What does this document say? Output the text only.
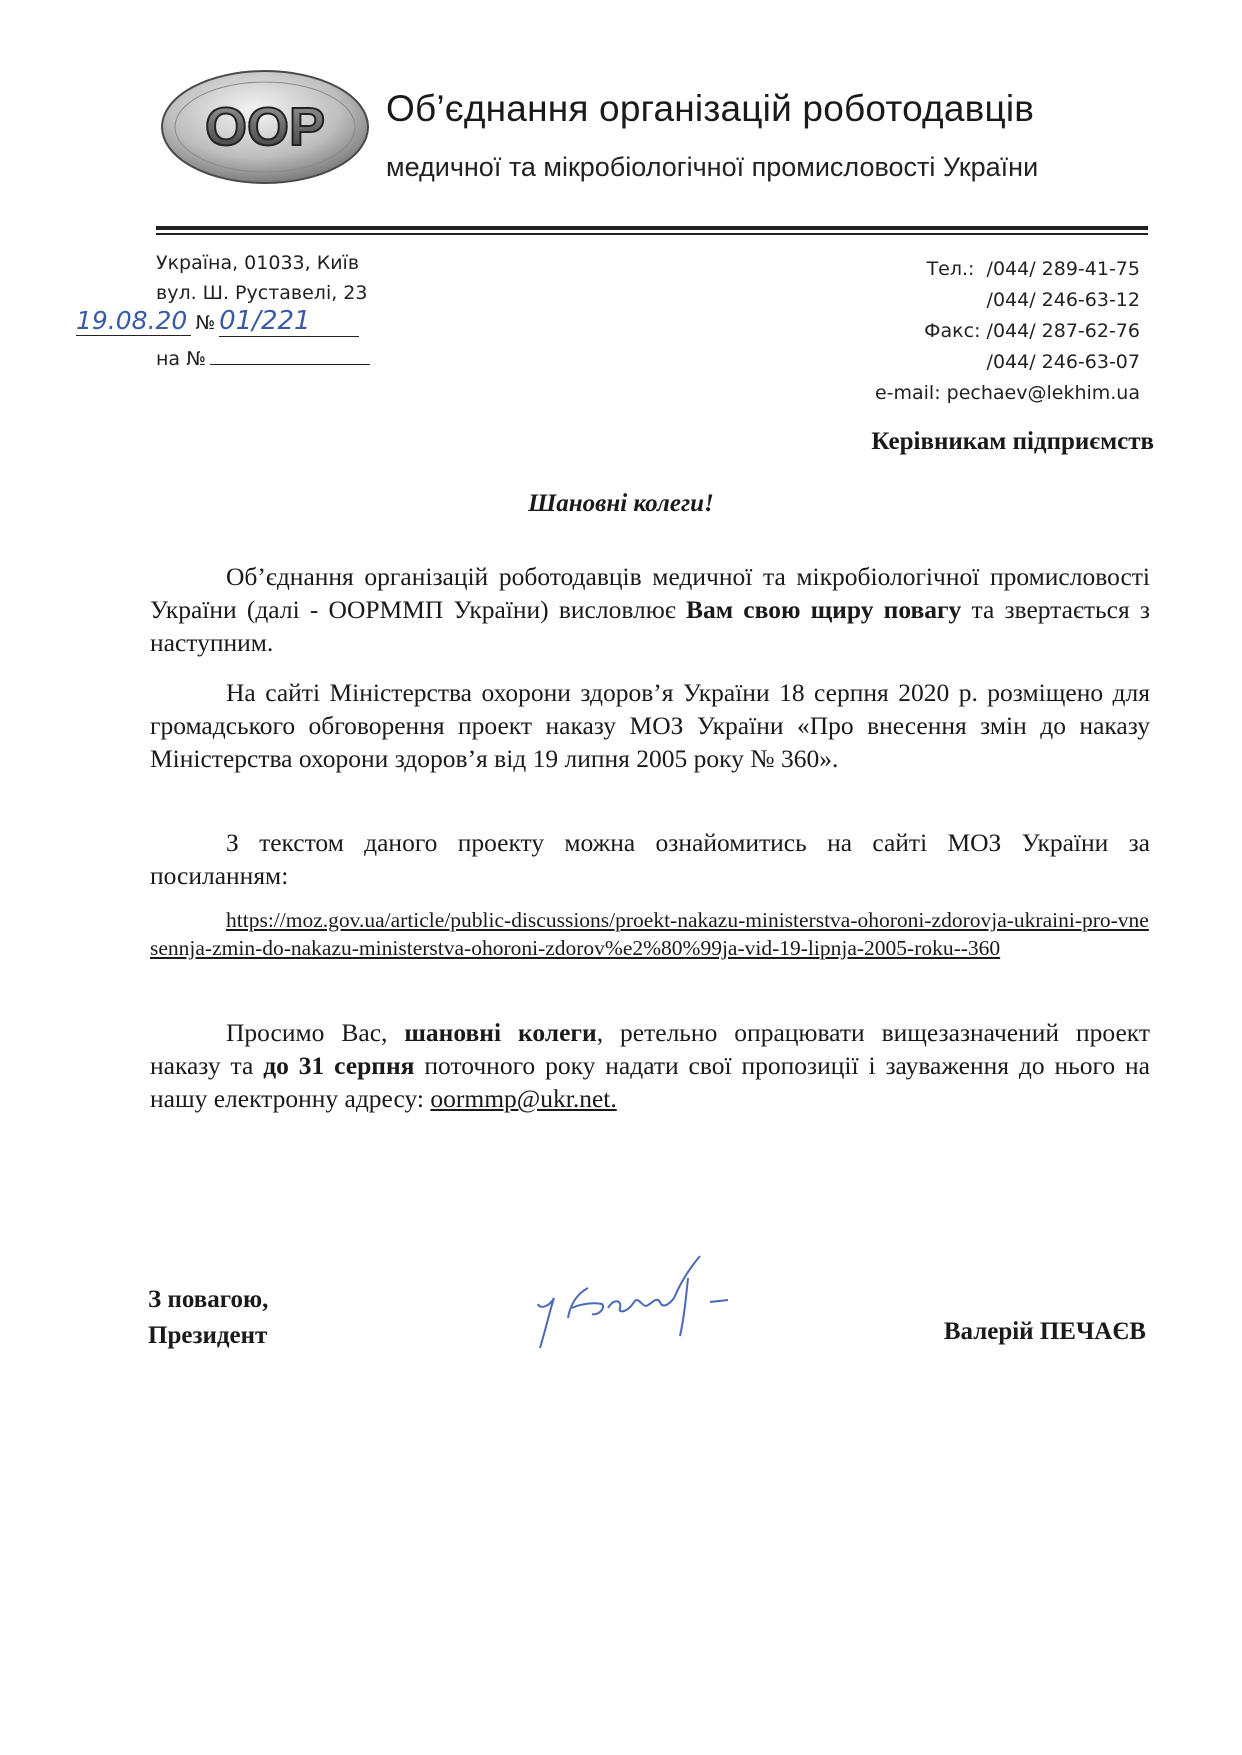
OOP Об’єднання організацій роботодавців
медичної та мікробіологічної промисловості України
Україна, 01033, Київ
вул. Ш. Руставелі, 23
19.08.20 № 01/221
на №
Тел.: /044/ 289-41-75
/044/ 246-63-12
Факс: /044/ 287-62-76
/044/ 246-63-07
e-mail: pechaev@lekhim.ua
Керівникам підприємств
Шановні колеги!
Об’єднання організацій роботодавців медичної та мікробіологічної промисловості України (далі - ООРММП України) висловлює Вам свою щиру повагу та звертається з наступним.
На сайті Міністерства охорони здоров’я України 18 серпня 2020 р. розміщено для громадського обговорення проект наказу МОЗ України «Про внесення змін до наказу Міністерства охорони здоров’я від 19 липня 2005 року № 360».
З текстом даного проекту можна ознайомитись на сайті МОЗ України за посиланням:
https://moz.gov.ua/article/public-discussions/proekt-nakazu-ministerstva-ohoroni-zdorovja-ukraini-pro-vnesennja-zmin-do-nakazu-ministerstva-ohoroni-zdorov%e2%80%99ja-vid-19-lipnja-2005-roku--360
Просимо Вас, шановні колеги, ретельно опрацювати вищезазначений проект наказу та до 31 серпня поточного року надати свої пропозиції і зауваження до нього на нашу електронну адресу: oormmp@ukr.net.
З повагою,
Президент	Валерій ПЕЧАЄВ
